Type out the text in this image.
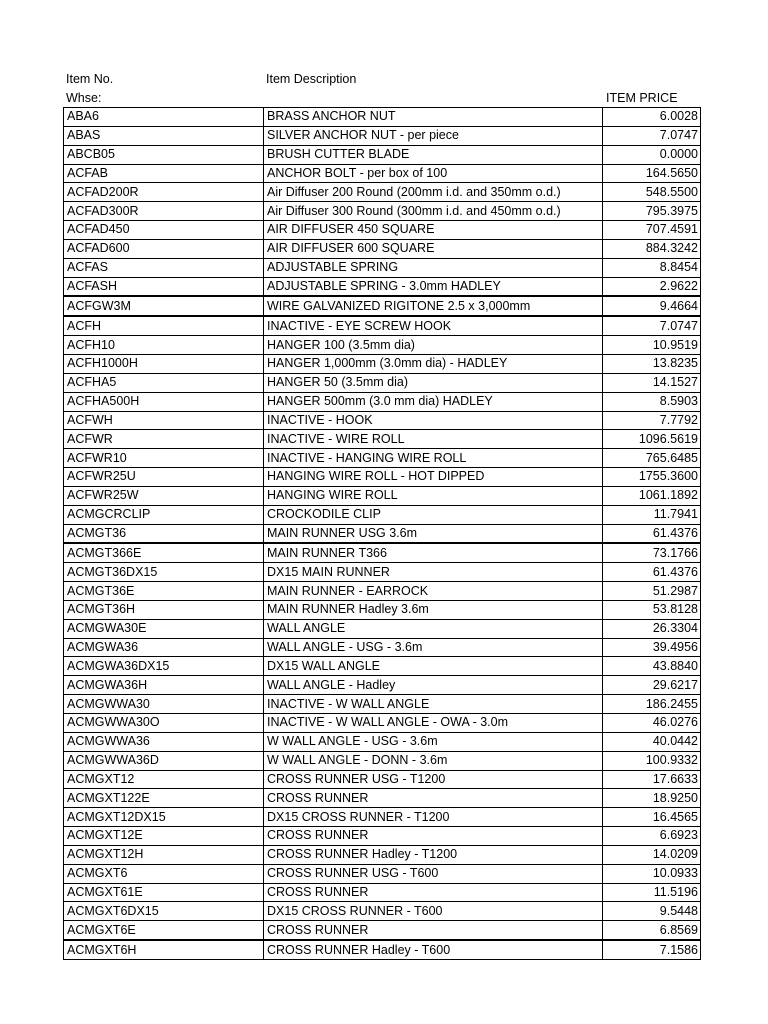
Item No.
Whse:
Item Description
ITEM PRICE
ABA6	BRASS ANCHOR NUT	6.0028
ABAS	SILVER ANCHOR NUT - per piece	7.0747
ABCB05	BRUSH CUTTER BLADE	0.0000
ACFAB	ANCHOR BOLT - per box of 100	164.5650
ACFAD200R	Air Diffuser 200 Round (200mm i.d. and 350mm o.d.)	548.5500
ACFAD300R	Air Diffuser 300 Round (300mm i.d. and 450mm o.d.)	795.3975
ACFAD450	AIR DIFFUSER 450 SQUARE	707.4591
ACFAD600	AIR DIFFUSER 600 SQUARE	884.3242
ACFAS	ADJUSTABLE SPRING	8.8454
ACFASH	ADJUSTABLE SPRING - 3.0mm HADLEY	2.9622
ACFGW3M	WIRE GALVANIZED RIGITONE 2.5 x 3,000mm	9.4664
ACFH	INACTIVE - EYE SCREW HOOK	7.0747
ACFH10	HANGER 100 (3.5mm dia)	10.9519
ACFH1000H	HANGER 1,000mm (3.0mm dia) - HADLEY	13.8235
ACFHA5	HANGER 50 (3.5mm dia)	14.1527
ACFHA500H	HANGER 500mm (3.0 mm dia) HADLEY	8.5903
ACFWH	INACTIVE - HOOK	7.7792
ACFWR	INACTIVE - WIRE ROLL	1096.5619
ACFWR10	INACTIVE - HANGING WIRE ROLL	765.6485
ACFWR25U	HANGING WIRE ROLL - HOT DIPPED	1755.3600
ACFWR25W	HANGING WIRE ROLL	1061.1892
ACMGCRCLIP	CROCKODILE CLIP	11.7941
ACMGT36	MAIN RUNNER USG 3.6m	61.4376
ACMGT366E	MAIN RUNNER T366	73.1766
ACMGT36DX15	DX15 MAIN RUNNER	61.4376
ACMGT36E	MAIN RUNNER - EARROCK	51.2987
ACMGT36H	MAIN RUNNER Hadley 3.6m	53.8128
ACMGWA30E	WALL ANGLE	26.3304
ACMGWA36	WALL ANGLE - USG - 3.6m	39.4956
ACMGWA36DX15	DX15 WALL ANGLE	43.8840
ACMGWA36H	WALL ANGLE - Hadley	29.6217
ACMGWWA30	INACTIVE - W WALL ANGLE	186.2455
ACMGWWA30O	INACTIVE - W WALL ANGLE - OWA - 3.0m	46.0276
ACMGWWA36	W WALL ANGLE - USG - 3.6m	40.0442
ACMGWWA36D	W WALL ANGLE - DONN - 3.6m	100.9332
ACMGXT12	CROSS RUNNER USG - T1200	17.6633
ACMGXT122E	CROSS RUNNER	18.9250
ACMGXT12DX15	DX15 CROSS RUNNER - T1200	16.4565
ACMGXT12E	CROSS RUNNER	6.6923
ACMGXT12H	CROSS RUNNER Hadley - T1200	14.0209
ACMGXT6	CROSS RUNNER USG - T600	10.0933
ACMGXT61E	CROSS RUNNER	11.5196
ACMGXT6DX15	DX15 CROSS RUNNER - T600	9.5448
ACMGXT6E	CROSS RUNNER	6.8569
ACMGXT6H	CROSS RUNNER Hadley - T600	7.1586
